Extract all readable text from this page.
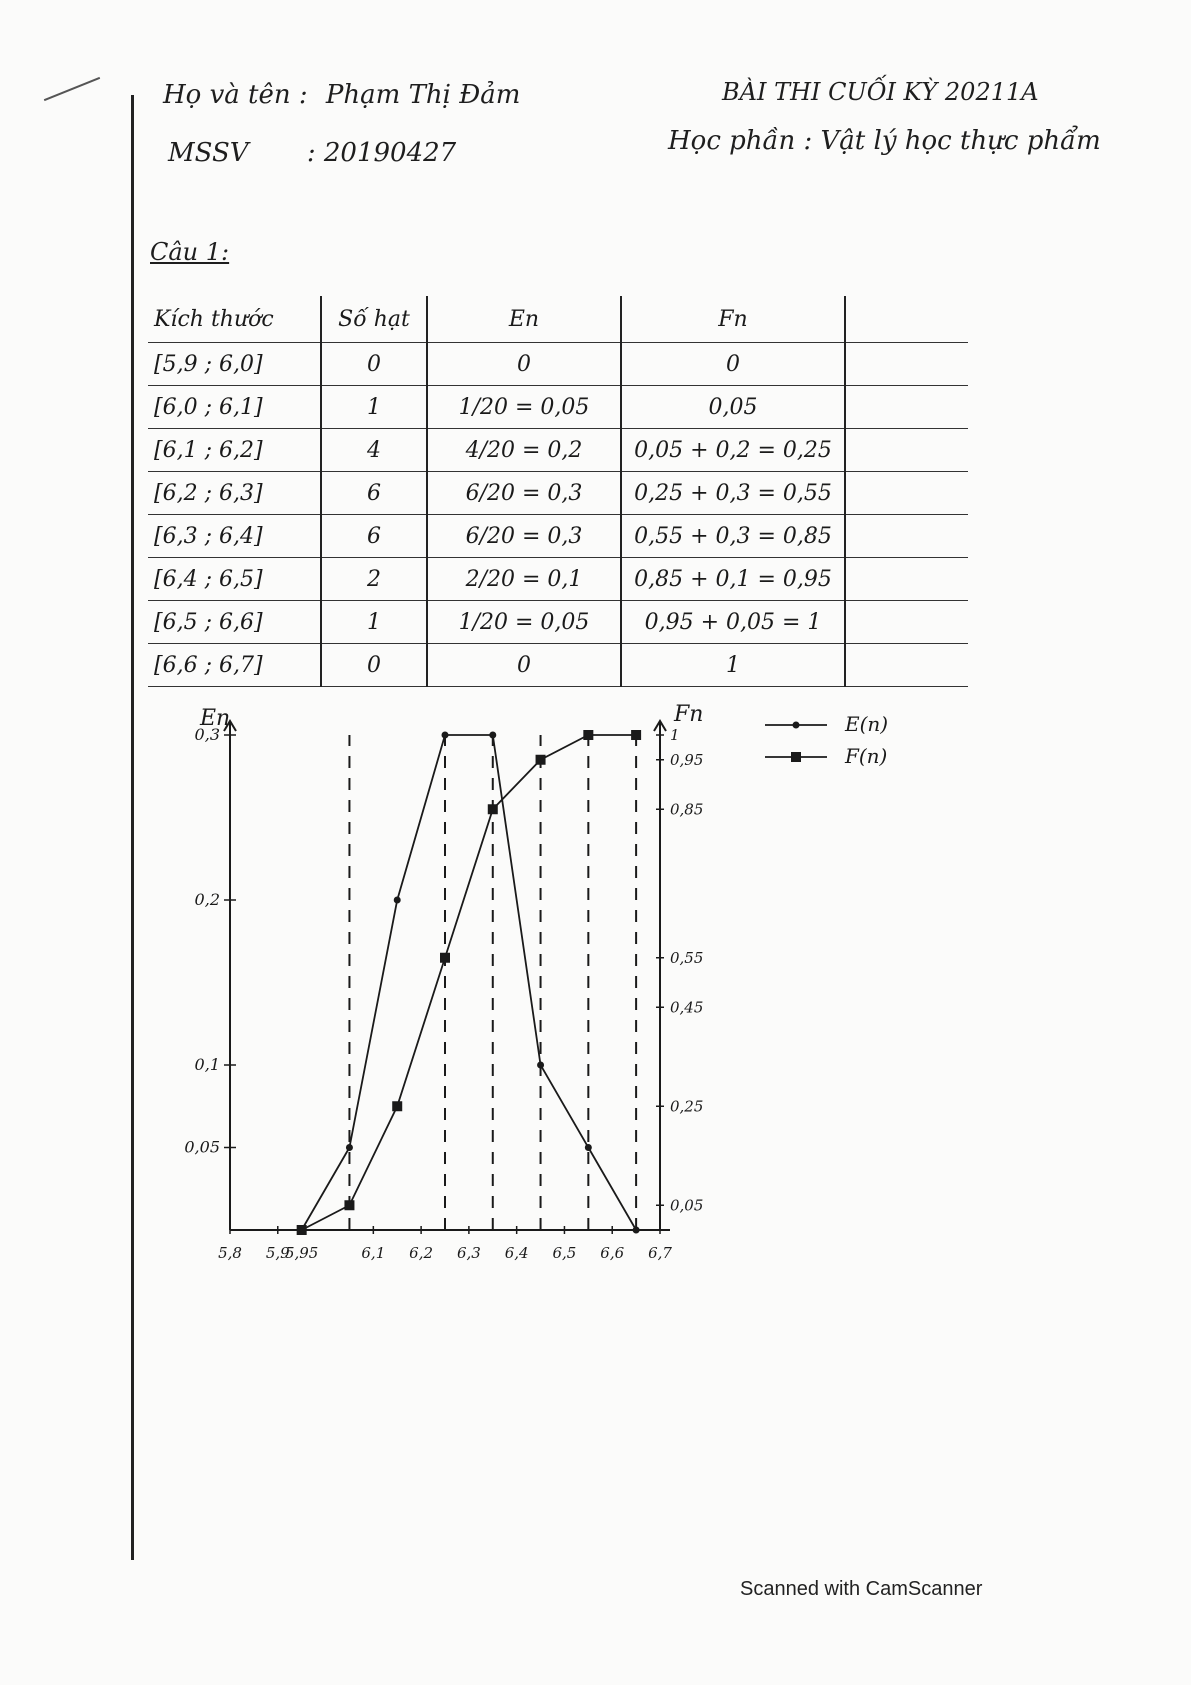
Họ và tên : Phạm Thị Đảm
MSSV : 20190427
BÀI THI CUỐI KỲ 20211A
Học phần : Vật lý học thực phẩm
Câu 1:
Kích thước	Số hạt	En	Fn	
[5,9 ; 6,0]	0	0	0	
[6,0 ; 6,1]	1	1/20 = 0,05	0,05	
[6,1 ; 6,2]	4	4/20 = 0,2	0,05 + 0,2 = 0,25	
[6,2 ; 6,3]	6	6/20 = 0,3	0,25 + 0,3 = 0,55	
[6,3 ; 6,4]	6	6/20 = 0,3	0,55 + 0,3 = 0,85	
[6,4 ; 6,5]	2	2/20 = 0,1	0,85 + 0,1 = 0,95	
[6,5 ; 6,6]	1	1/20 = 0,05	0,95 + 0,05 = 1	
[6,6 ; 6,7]	0	0	1	
En	Fn
5,8 5,9
5,95	6,1 6,2 6,3 6,4 6,5 6,6 6,7
0,05
0,1
0,2
0,3
0,05
0,25
0,45
0,55
0,85
0,95
1	E(n)
F(n)
Scanned with CamScanner
